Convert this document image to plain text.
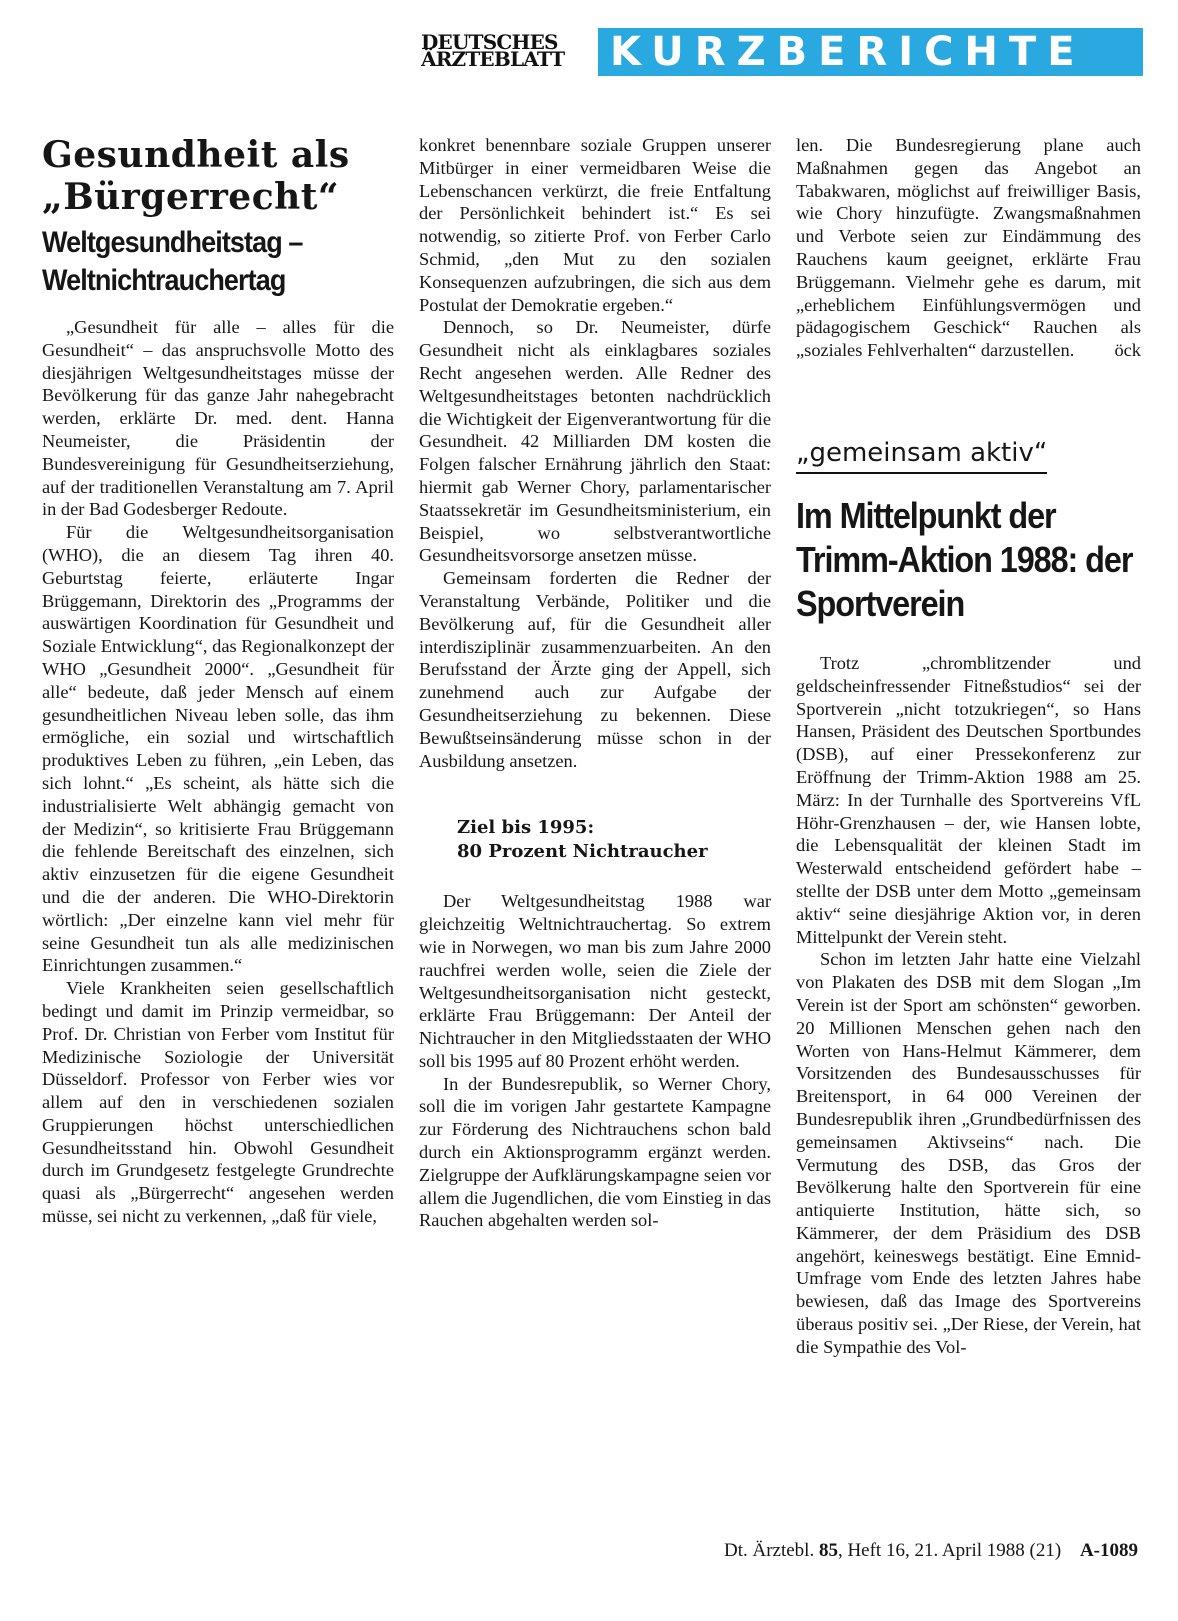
DEUTSCHES
ÄRZTEBLATT	KURZBERICHTE
Gesundheit als „Bürgerrecht“
Weltgesundheitstag – Weltnichtrauchertag

„Gesundheit für alle – alles für die Gesundheit“ – das anspruchsvolle Motto des diesjährigen Weltgesundheitstages müsse der Bevölkerung für das ganze Jahr nahegebracht werden, erklärte Dr. med. dent. Hanna Neumeister, die Präsidentin der Bundesvereinigung für Gesundheitserziehung, auf der traditionellen Veranstaltung am 7. April in der Bad Godesberger Redoute.

Für die Weltgesundheitsorganisation (WHO), die an diesem Tag ihren 40. Geburtstag feierte, erläuterte Ingar Brüggemann, Direktorin des „Programms der auswärtigen Koordination für Gesundheit und Soziale Entwicklung“, das Regionalkonzept der WHO „Gesundheit 2000“. „Gesundheit für alle“ bedeute, daß jeder Mensch auf einem gesundheitlichen Niveau leben solle, das ihm ermögliche, ein sozial und wirtschaftlich produktives Leben zu führen, „ein Leben, das sich lohnt.“ „Es scheint, als hätte sich die industrialisierte Welt abhängig gemacht von der Medizin“, so kritisierte Frau Brüggemann die fehlende Bereitschaft des einzelnen, sich aktiv einzusetzen für die eigene Gesundheit und die der anderen. Die WHO-Direktorin wörtlich: „Der einzelne kann viel mehr für seine Gesundheit tun als alle medizinischen Einrichtungen zusammen.“

Viele Krankheiten seien gesellschaftlich bedingt und damit im Prinzip vermeidbar, so Prof. Dr. Christian von Ferber vom Institut für Medizinische Soziologie der Universität Düsseldorf. Professor von Ferber wies vor allem auf den in verschiedenen sozialen Gruppierungen höchst unterschiedlichen Gesundheitsstand hin. Obwohl Gesundheit durch im Grundgesetz festgelegte Grundrechte quasi als „Bürgerrecht“ angesehen werden müsse, sei nicht zu verkennen, „daß für viele,

konkret benennbare soziale Gruppen unserer Mitbürger in einer vermeidbaren Weise die Lebenschancen verkürzt, die freie Entfaltung der Persönlichkeit behindert ist.“ Es sei notwendig, so zitierte Prof. von Ferber Carlo Schmid, „den Mut zu den sozialen Konsequenzen aufzubringen, die sich aus dem Postulat der Demokratie ergeben.“

Dennoch, so Dr. Neumeister, dürfe Gesundheit nicht als einklagbares soziales Recht angesehen werden. Alle Redner des Weltgesundheitstages betonten nachdrücklich die Wichtigkeit der Eigenverantwortung für die Gesundheit. 42 Milliarden DM kosten die Folgen falscher Ernährung jährlich den Staat: hiermit gab Werner Chory, parlamentarischer Staatssekretär im Gesundheitsministerium, ein Beispiel, wo selbstverantwortliche Gesundheitsvorsorge ansetzen müsse.

Gemeinsam forderten die Redner der Veranstaltung Verbände, Politiker und die Bevölkerung auf, für die Gesundheit aller interdisziplinär zusammenzuarbeiten. An den Berufsstand der Ärzte ging der Appell, sich zunehmend auch zur Aufgabe der Gesundheitserziehung zu bekennen. Diese Bewußtseinsänderung müsse schon in der Ausbildung ansetzen.

Ziel bis 1995:
80 Prozent Nichtraucher

Der Weltgesundheitstag 1988 war gleichzeitig Weltnichtrauchertag. So extrem wie in Norwegen, wo man bis zum Jahre 2000 rauchfrei werden wolle, seien die Ziele der Weltgesundheitsorganisation nicht gesteckt, erklärte Frau Brüggemann: Der Anteil der Nichtraucher in den Mitgliedsstaaten der WHO soll bis 1995 auf 80 Prozent erhöht werden.

In der Bundesrepublik, so Werner Chory, soll die im vorigen Jahr gestartete Kampagne zur Förderung des Nichtrauchens schon bald durch ein Aktionsprogramm ergänzt werden. Zielgruppe der Aufklärungskampagne seien vor allem die Jugendlichen, die vom Einstieg in das Rauchen abgehalten werden sol-

len. Die Bundesregierung plane auch Maßnahmen gegen das Angebot an Tabakwaren, möglichst auf freiwilliger Basis, wie Chory hinzufügte. Zwangsmaßnahmen und Verbote seien zur Eindämmung des Rauchens kaum geeignet, erklärte Frau Brüggemann. Vielmehr gehe es darum, mit „erheblichem Einfühlungsvermögen und pädagogischem Geschick“ Rauchen als „soziales Fehlverhalten“ darzustellen. öck

„gemeinsam aktiv“
Im Mittelpunkt der Trimm-Aktion 1988: der Sportverein

Trotz „chromblitzender und geldscheinfressender Fitneßstudios“ sei der Sportverein „nicht totzukriegen“, so Hans Hansen, Präsident des Deutschen Sportbundes (DSB), auf einer Pressekonferenz zur Eröffnung der Trimm-Aktion 1988 am 25. März: In der Turnhalle des Sportvereins VfL Höhr-Grenzhausen – der, wie Hansen lobte, die Lebensqualität der kleinen Stadt im Westerwald entscheidend gefördert habe – stellte der DSB unter dem Motto „gemeinsam aktiv“ seine diesjährige Aktion vor, in deren Mittelpunkt der Verein steht.

Schon im letzten Jahr hatte eine Vielzahl von Plakaten des DSB mit dem Slogan „Im Verein ist der Sport am schönsten“ geworben. 20 Millionen Menschen gehen nach den Worten von Hans-Helmut Kämmerer, dem Vorsitzenden des Bundesausschusses für Breitensport, in 64 000 Vereinen der Bundesrepublik ihren „Grundbedürfnissen des gemeinsamen Aktivseins“ nach. Die Vermutung des DSB, das Gros der Bevölkerung halte den Sportverein für eine antiquierte Institution, hätte sich, so Kämmerer, der dem Präsidium des DSB angehört, keineswegs bestätigt. Eine Emnid-Umfrage vom Ende des letzten Jahres habe bewiesen, daß das Image des Sportvereins überaus positiv sei. „Der Riese, der Verein, hat die Sympathie des Vol-

Dt. Ärztebl. 85, Heft 16, 21. April 1988 (21) A-1089
